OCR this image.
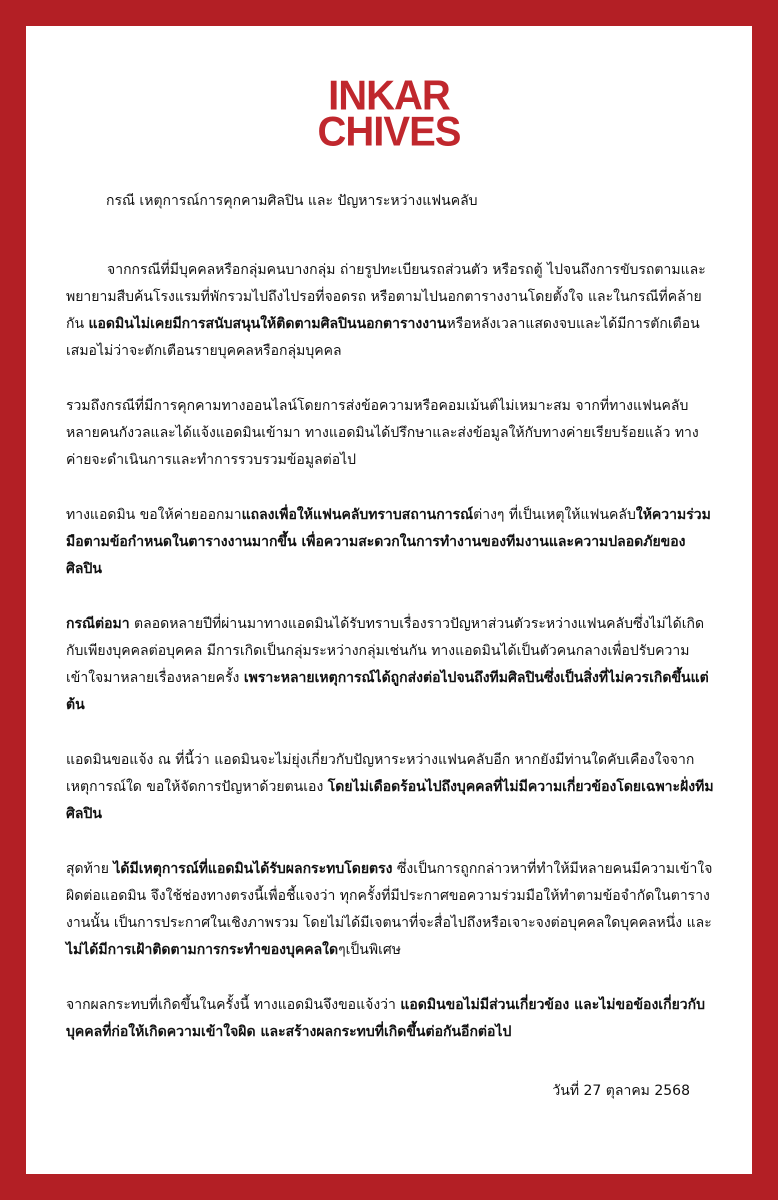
INKAR
CHIVES

กรณี เหตุการณ์การคุกคามศิลปิน และ ปัญหาระหว่างแฟนคลับ

จากกรณีที่มีบุคคลหรือกลุ่มคนบางกลุ่ม ถ่ายรูปทะเบียนรถส่วนตัว หรือรถตู้ ไปจนถึงการขับรถตามและพยายามสืบค้นโรงแรมที่พักรวมไปถึงไปรอที่จอดรถ หรือตามไปนอกตารางงานโดยตั้งใจ และในกรณีที่คล้ายกัน แอดมินไม่เคยมีการสนับสนุนให้ติดตามศิลปินนอกตารางงานหรือหลังเวลาแสดงจบและได้มีการตักเตือนเสมอไม่ว่าจะตักเตือนรายบุคคลหรือกลุ่มบุคคล

รวมถึงกรณีที่มีการคุกคามทางออนไลน์โดยการส่งข้อความหรือคอมเม้นต์ไม่เหมาะสม จากที่ทางแฟนคลับหลายคนกังวลและได้แจ้งแอดมินเข้ามา ทางแอดมินได้ปรึกษาและส่งข้อมูลให้กับทางค่ายเรียบร้อยแล้ว ทางค่ายจะดำเนินการและทำการรวบรวมข้อมูลต่อไป

ทางแอดมิน ขอให้ค่ายออกมาแถลงเพื่อให้แฟนคลับทราบสถานการณ์ต่างๆ ที่เป็นเหตุให้แฟนคลับให้ความร่วมมือตามข้อกำหนดในตารางงานมากขึ้น เพื่อความสะดวกในการทำงานของทีมงานและความปลอดภัยของศิลปิน

กรณีต่อมา ตลอดหลายปีที่ผ่านมาทางแอดมินได้รับทราบเรื่องราวปัญหาส่วนตัวระหว่างแฟนคลับซึ่งไม่ได้เกิดกับเพียงบุคคลต่อบุคคล มีการเกิดเป็นกลุ่มระหว่างกลุ่มเช่นกัน ทางแอดมินได้เป็นตัวคนกลางเพื่อปรับความเข้าใจมาหลายเรื่องหลายครั้ง เพราะหลายเหตุการณ์ได้ถูกส่งต่อไปจนถึงทีมศิลปินซึ่งเป็นสิ่งที่ไม่ควรเกิดขึ้นแต่ต้น

แอดมินขอแจ้ง ณ ที่นี้ว่า แอดมินจะไม่ยุ่งเกี่ยวกับปัญหาระหว่างแฟนคลับอีก หากยังมีท่านใดคับเคืองใจจากเหตุการณ์ใด ขอให้จัดการปัญหาด้วยตนเอง โดยไม่เดือดร้อนไปถึงบุคคลที่ไม่มีความเกี่ยวข้องโดยเฉพาะฝั่งทีมศิลปิน

สุดท้าย ได้มีเหตุการณ์ที่แอดมินได้รับผลกระทบโดยตรง ซึ่งเป็นการถูกกล่าวหาที่ทำให้มีหลายคนมีความเข้าใจผิดต่อแอดมิน จึงใช้ช่องทางตรงนี้เพื่อชี้แจงว่า ทุกครั้งที่มีประกาศขอความร่วมมือให้ทำตามข้อจำกัดในตารางงานนั้น เป็นการประกาศในเชิงภาพรวม โดยไม่ได้มีเจตนาที่จะสื่อไปถึงหรือเจาะจงต่อบุคคลใดบุคคลหนึ่ง และไม่ได้มีการเฝ้าติดตามการกระทำของบุคคลใดๆเป็นพิเศษ

จากผลกระทบที่เกิดขึ้นในครั้งนี้ ทางแอดมินจึงขอแจ้งว่า แอดมินขอไม่มีส่วนเกี่ยวข้อง และไม่ขอข้องเกี่ยวกับบุคคลที่ก่อให้เกิดความเข้าใจผิด และสร้างผลกระทบที่เกิดขึ้นต่อกันอีกต่อไป

วันที่ 27 ตุลาคม 2568
